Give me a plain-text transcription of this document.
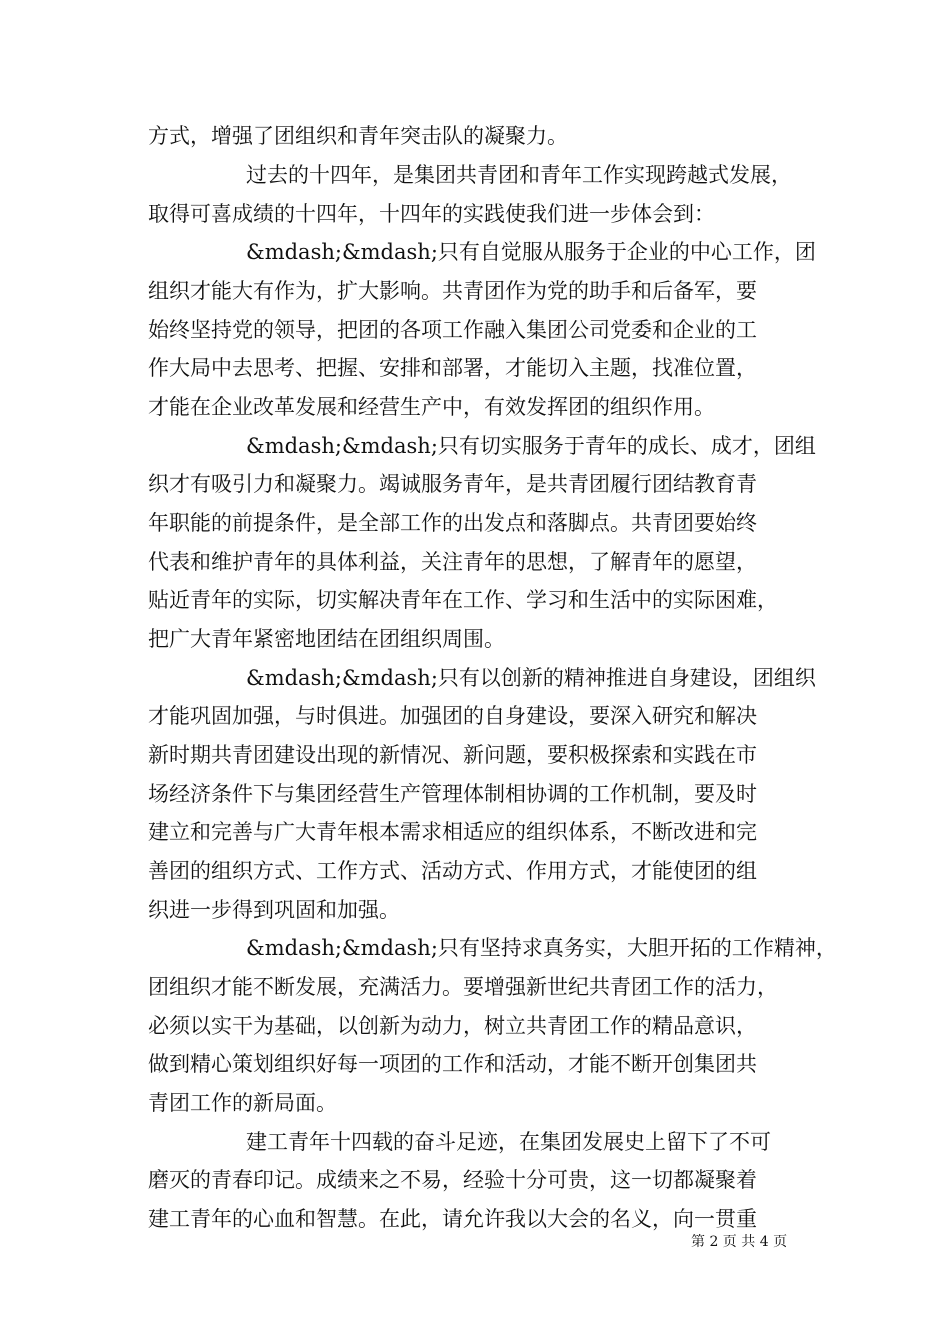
方式，增强了团组织和青年突击队的凝聚力。
过去的十四年，是集团共青团和青年工作实现跨越式发展，
取得可喜成绩的十四年，十四年的实践使我们进一步体会到：
&mdash;&mdash;只有自觉服从服务于企业的中心工作，团
组织才能大有作为，扩大影响。共青团作为党的助手和后备军，要
始终坚持党的领导，把团的各项工作融入集团公司党委和企业的工
作大局中去思考、把握、安排和部署，才能切入主题，找准位置，
才能在企业改革发展和经营生产中，有效发挥团的组织作用。
&mdash;&mdash;只有切实服务于青年的成长、成才，团组
织才有吸引力和凝聚力。竭诚服务青年，是共青团履行团结教育青
年职能的前提条件，是全部工作的出发点和落脚点。共青团要始终
代表和维护青年的具体利益，关注青年的思想，了解青年的愿望，
贴近青年的实际，切实解决青年在工作、学习和生活中的实际困难，
把广大青年紧密地团结在团组织周围。
&mdash;&mdash;只有以创新的精神推进自身建设，团组织
才能巩固加强，与时俱进。加强团的自身建设，要深入研究和解决
新时期共青团建设出现的新情况、新问题，要积极探索和实践在市
场经济条件下与集团经营生产管理体制相协调的工作机制，要及时
建立和完善与广大青年根本需求相适应的组织体系，不断改进和完
善团的组织方式、工作方式、活动方式、作用方式，才能使团的组
织进一步得到巩固和加强。
&mdash;&mdash;只有坚持求真务实，大胆开拓的工作精神，
团组织才能不断发展，充满活力。要增强新世纪共青团工作的活力，
必须以实干为基础，以创新为动力，树立共青团工作的精品意识，
做到精心策划组织好每一项团的工作和活动，才能不断开创集团共
青团工作的新局面。
建工青年十四载的奋斗足迹，在集团发展史上留下了不可
磨灭的青春印记。成绩来之不易，经验十分可贵，这一切都凝聚着
建工青年的心血和智慧。在此，请允许我以大会的名义，向一贯重
第 2 页 共 4 页
